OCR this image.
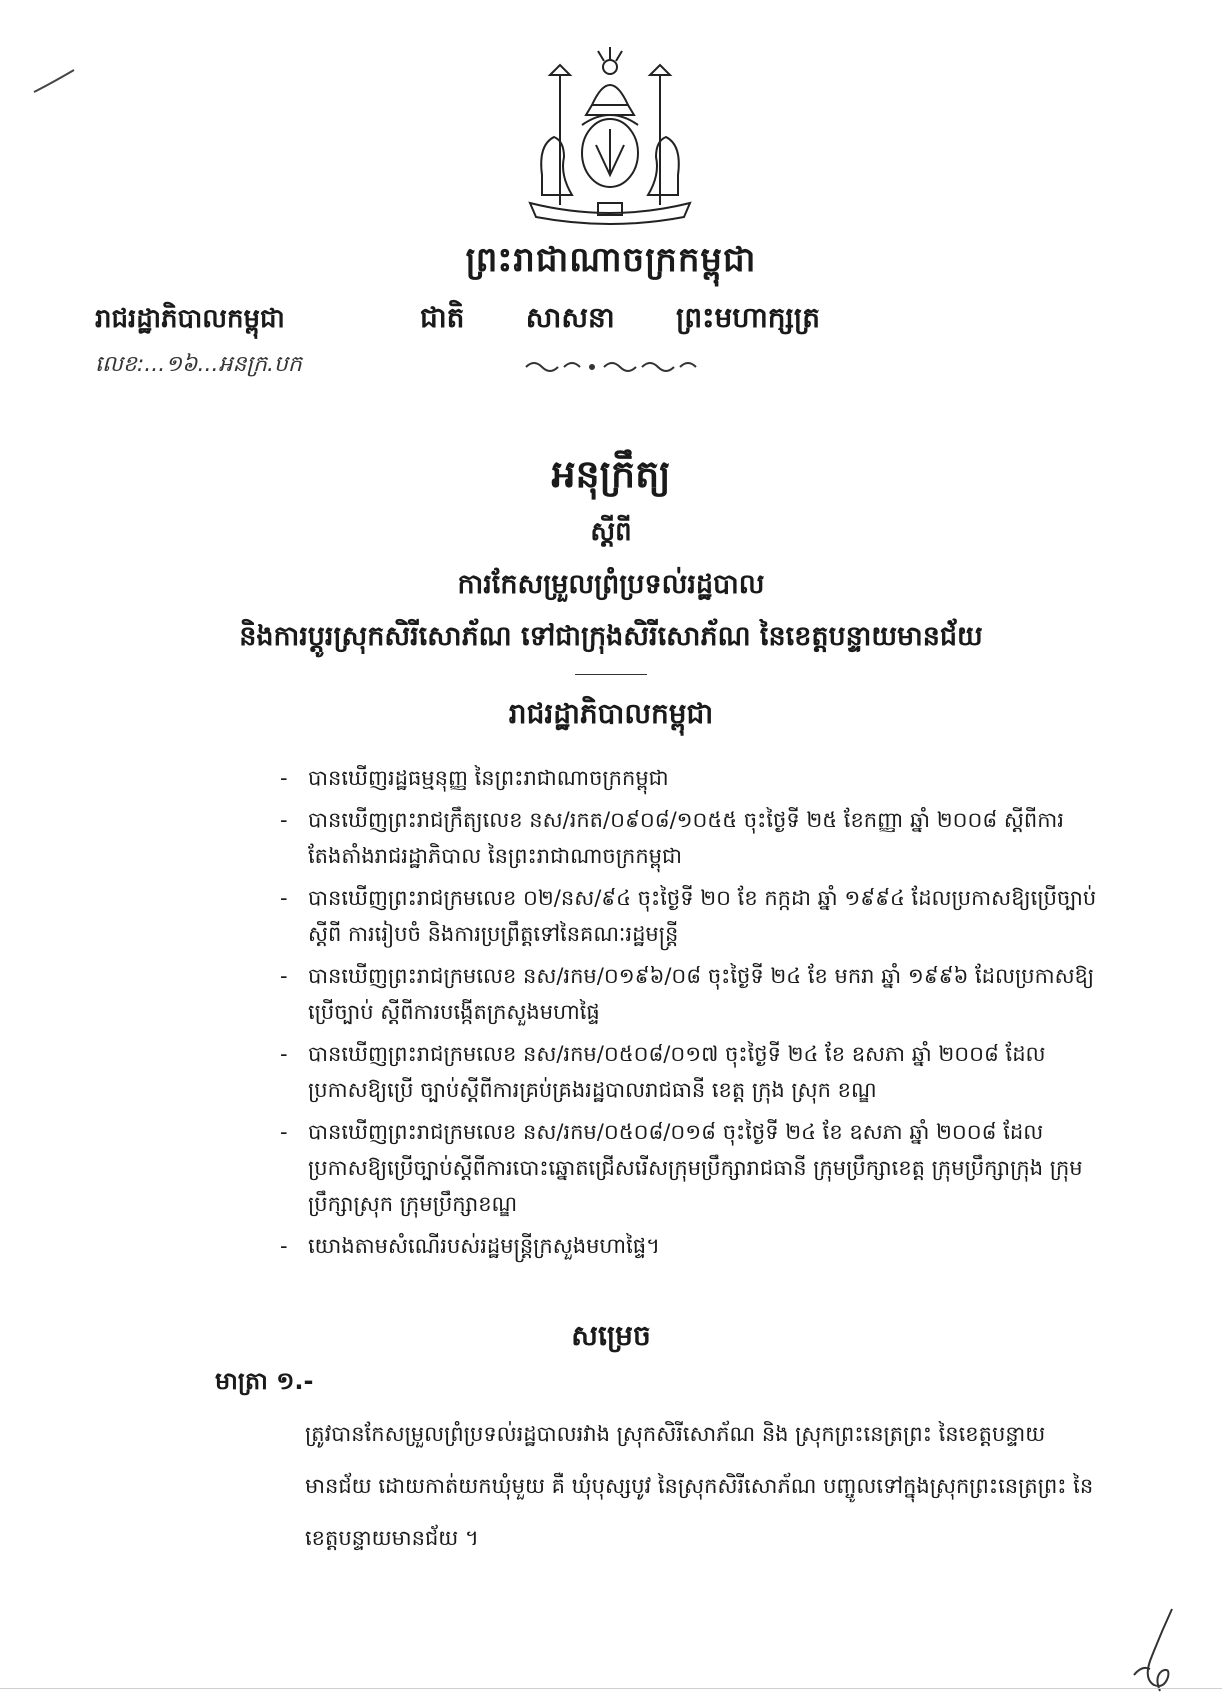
ព្រះរាជាណាចក្រកម្ពុជា
ជាតិ សាសនា ព្រះមហាក្សត្រ
រាជរដ្ឋាភិបាលកម្ពុជា
លេខ:...១៦...អនក្រ.បក
អនុក្រឹត្យ
ស្តីពី
ការកែសម្រួលព្រំប្រទល់រដ្ឋបាល
និងការប្តូរស្រុកសិរីសោភ័ណ ទៅជាក្រុងសិរីសោភ័ណ នៃខេត្តបន្ទាយមានជ័យ
រាជរដ្ឋាភិបាលកម្ពុជា
- បានឃើញរដ្ឋធម្មនុញ្ញ នៃព្រះរាជាណាចក្រកម្ពុជា
- បានឃើញព្រះរាជក្រឹត្យលេខ នស/រកត/០៩០៨/១០៥៥ ចុះថ្ងៃទី ២៥ ខែកញ្ញា ឆ្នាំ ២០០៨ ស្តីពីការតែងតាំងរាជរដ្ឋាភិបាល នៃព្រះរាជាណាចក្រកម្ពុជា
- បានឃើញព្រះរាជក្រមលេខ ០២/នស/៩៤ ចុះថ្ងៃទី ២០ ខែ កក្កដា ឆ្នាំ ១៩៩៤ ដែលប្រកាសឱ្យប្រើច្បាប់ស្តីពី ការរៀបចំ និងការប្រព្រឹត្តទៅនៃគណៈរដ្ឋមន្ត្រី
- បានឃើញព្រះរាជក្រមលេខ នស/រកម/០១៩៦/០៨ ចុះថ្ងៃទី ២៤ ខែ មករា ឆ្នាំ ១៩៩៦ ដែលប្រកាសឱ្យប្រើច្បាប់ ស្តីពីការបង្កើតក្រសួងមហាផ្ទៃ
- បានឃើញព្រះរាជក្រមលេខ នស/រកម/០៥០៨/០១៧ ចុះថ្ងៃទី ២៤ ខែ ឧសភា ឆ្នាំ ២០០៨ ដែលប្រកាសឱ្យប្រើ ច្បាប់ស្តីពីការគ្រប់គ្រងរដ្ឋបាលរាជធានី ខេត្ត ក្រុង ស្រុក ខណ្ឌ
- បានឃើញព្រះរាជក្រមលេខ នស/រកម/០៥០៨/០១៨ ចុះថ្ងៃទី ២៤ ខែ ឧសភា ឆ្នាំ ២០០៨ ដែលប្រកាសឱ្យប្រើច្បាប់ស្តីពីការបោះឆ្នោតជ្រើសរើសក្រុមប្រឹក្សារាជធានី ក្រុមប្រឹក្សាខេត្ត ក្រុមប្រឹក្សាក្រុង ក្រុមប្រឹក្សាស្រុក ក្រុមប្រឹក្សាខណ្ឌ
- យោងតាមសំណើរបស់រដ្ឋមន្ត្រីក្រសួងមហាផ្ទៃ។
សម្រេច
មាត្រា ១.-

ត្រូវបានកែសម្រួលព្រំប្រទល់រដ្ឋបាលរវាង ស្រុកសិរីសោភ័ណ និង ស្រុកព្រះនេត្រព្រះ នៃខេត្តបន្ទាយមានជ័យ ដោយកាត់យកឃុំមួយ គឺ ឃុំបុស្សបូវ នៃស្រុកសិរីសោភ័ណ បញ្ចូលទៅក្នុងស្រុកព្រះនេត្រព្រះ នៃខេត្តបន្ទាយមានជ័យ ។
